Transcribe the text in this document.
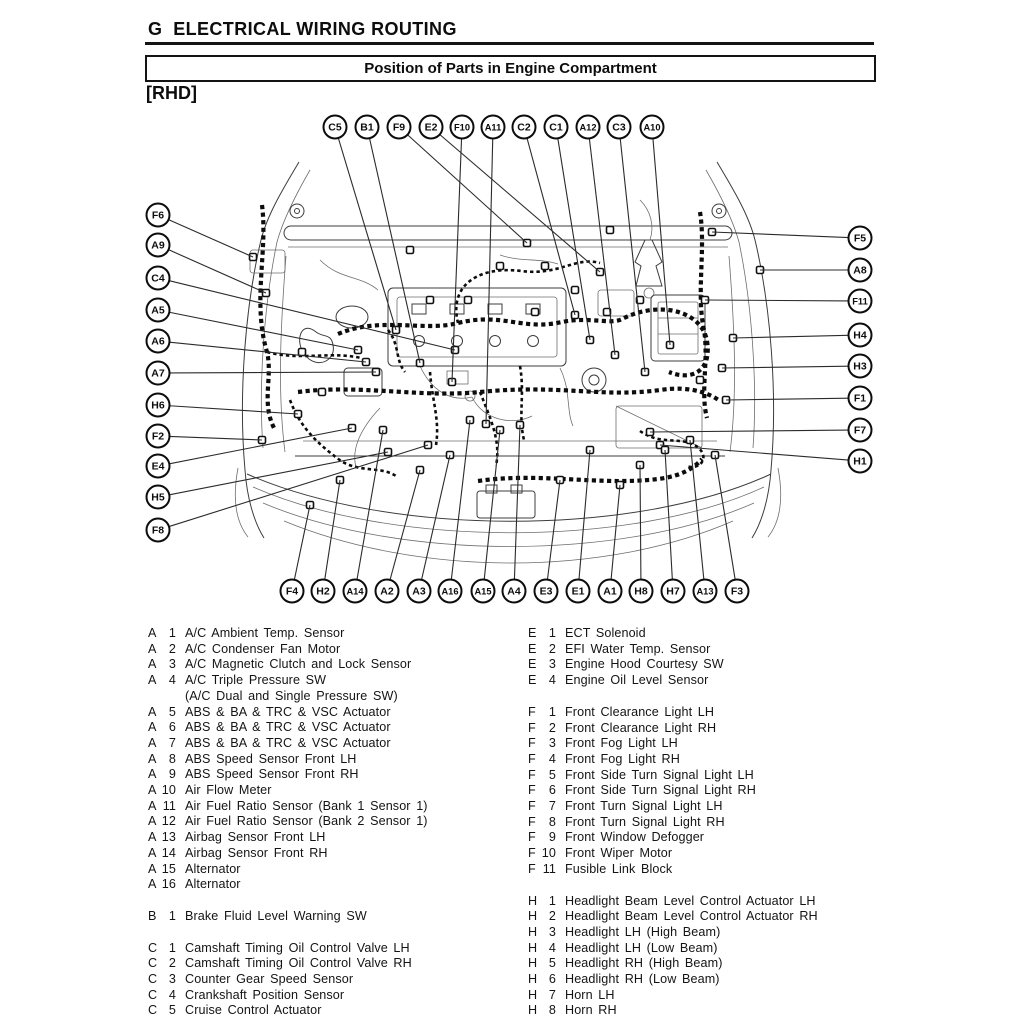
G  ELECTRICAL WIRING ROUTING
Position of Parts in Engine Compartment
[RHD]
C5 B1 F9 E2 F10 A11 C2 C1 A12 C3 A10
F6
A9
C4
A5
A6
A7
H6
F2
E4
H5
F8
F5
A8
F11
H4
H3
F1
F7
H1
F4 H2 A14 A2 A3 A16 A15 A4 E3 E1 A1 H8 H7 A13 F3
A 1 A/C Ambient Temp. Sensor
A 2 A/C Condenser Fan Motor
A 3 A/C Magnetic Clutch and Lock Sensor
A 4 A/C Triple Pressure SW
(A/C Dual and Single Pressure SW)
A 5 ABS & BA & TRC & VSC Actuator
A 6 ABS & BA & TRC & VSC Actuator
A 7 ABS & BA & TRC & VSC Actuator
A 8 ABS Speed Sensor Front LH
A 9 ABS Speed Sensor Front RH
A 10 Air Flow Meter
A 11 Air Fuel Ratio Sensor (Bank 1 Sensor 1)
A 12 Air Fuel Ratio Sensor (Bank 2 Sensor 1)
A 13 Airbag Sensor Front LH
A 14 Airbag Sensor Front RH
A 15 Alternator
A 16 Alternator
B 1 Brake Fluid Level Warning SW
C 1 Camshaft Timing Oil Control Valve LH
C 2 Camshaft Timing Oil Control Valve RH
C 3 Counter Gear Speed Sensor
C 4 Crankshaft Position Sensor
C 5 Cruise Control Actuator
E 1 ECT Solenoid
E 2 EFI Water Temp. Sensor
E 3 Engine Hood Courtesy SW
E 4 Engine Oil Level Sensor
F	1 Front Clearance Light LH
F	2 Front Clearance Light RH
F	3 Front Fog Light LH
F	4 Front Fog Light RH
F	5 Front Side Turn Signal Light LH
F	6 Front Side Turn Signal Light RH
F	7 Front Turn Signal Light LH
F	8 Front Turn Signal Light RH
F	9 Front Window Defogger
F 10 Front Wiper Motor
F 11 Fusible Link Block
H 1 Headlight Beam Level Control Actuator LH
H 2 Headlight Beam Level Control Actuator RH
H 3 Headlight LH (High Beam)
H 4 Headlight LH (Low Beam)
H 5 Headlight RH (High Beam)
H 6 Headlight RH (Low Beam)
H 7 Horn LH
H 8 Horn RH
